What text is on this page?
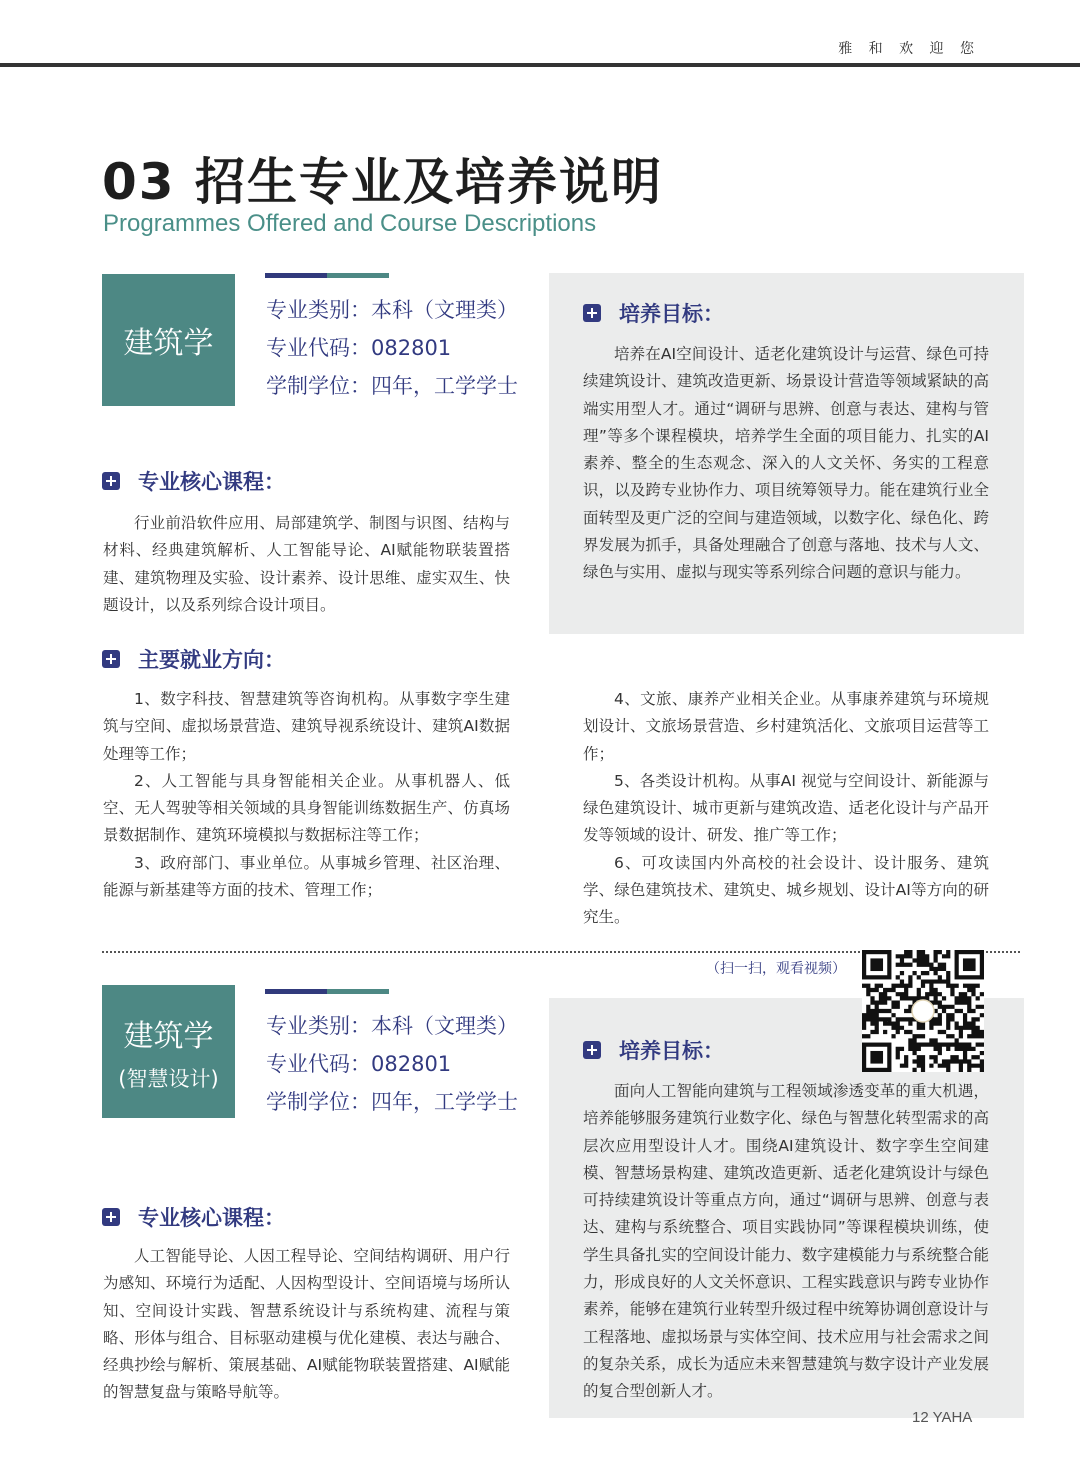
雅 和 欢 迎 您
03 招生专业及培养说明
Programmes Offered and Course Descriptions
建筑学
专业类别：本科（文理类）
专业代码：082801
学制学位：四年，工学学士
培养目标：

培养在AI空间设计、适老化建筑设计与运营、绿色可持续建筑设计、建筑改造更新、场景设计营造等领域紧缺的高端实用型人才。通过“调研与思辨、创意与表达、建构与管理”等多个课程模块，培养学生全面的项目能力、扎实的AI素养、整全的生态观念、深入的人文关怀、务实的工程意识，以及跨专业协作力、项目统筹领导力。能在建筑行业全面转型及更广泛的空间与建造领域，以数字化、绿色化、跨界发展为抓手，具备处理融合了创意与落地、技术与人文、绿色与实用、虚拟与现实等系列综合问题的意识与能力。

专业核心课程：

行业前沿软件应用、局部建筑学、制图与识图、结构与材料、经典建筑解析、人工智能导论、AI赋能物联装置搭建、建筑物理及实验、设计素养、设计思维、虚实双生、快题设计，以及系列综合设计项目。

主要就业方向：

1、数字科技、智慧建筑等咨询机构。从事数字孪生建筑与空间、虚拟场景营造、建筑导视系统设计、建筑AI数据处理等工作；

2、人工智能与具身智能相关企业。从事机器人、低空、无人驾驶等相关领域的具身智能训练数据生产、仿真场景数据制作、建筑环境模拟与数据标注等工作；

3、政府部门、事业单位。从事城乡管理、社区治理、能源与新基建等方面的技术、管理工作；

4、文旅、康养产业相关企业。从事康养建筑与环境规划设计、文旅场景营造、乡村建筑活化、文旅项目运营等工作；

5、各类设计机构。从事AI 视觉与空间设计、新能源与绿色建筑设计、城市更新与建筑改造、适老化设计与产品开发等领域的设计、研发、推广等工作；

6、可攻读国内外高校的社会设计、设计服务、建筑学、绿色建筑技术、建筑史、城乡规划、设计AI等方向的研究生。

（扫一扫，观看视频）
培养目标：

面向人工智能向建筑与工程领域渗透变革的重大机遇，培养能够服务建筑行业数字化、绿色与智慧化转型需求的高层次应用型设计人才。围绕AI建筑设计、数字孪生空间建模、智慧场景构建、建筑改造更新、适老化建筑设计与绿色可持续建筑设计等重点方向，通过“调研与思辨、创意与表达、建构与系统整合、项目实践协同”等课程模块训练，使学生具备扎实的空间设计能力、数字建模能力与系统整合能力，形成良好的人文关怀意识、工程实践意识与跨专业协作素养，能够在建筑行业转型升级过程中统筹协调创意设计与工程落地、虚拟场景与实体空间、技术应用与社会需求之间的复杂关系，成长为适应未来智慧建筑与数字设计产业发展的复合型创新人才。

建筑学
(智慧设计)
专业类别：本科（文理类）
专业代码：082801
学制学位：四年，工学学士
专业核心课程：

人工智能导论、人因工程导论、空间结构调研、用户行为感知、环境行为适配、人因构型设计、空间语境与场所认知、空间设计实践、智慧系统设计与系统构建、流程与策略、形体与组合、目标驱动建模与优化建模、表达与融合、经典抄绘与解析、策展基础、AI赋能物联装置搭建、AI赋能的智慧复盘与策略导航等。

12 YAHA
